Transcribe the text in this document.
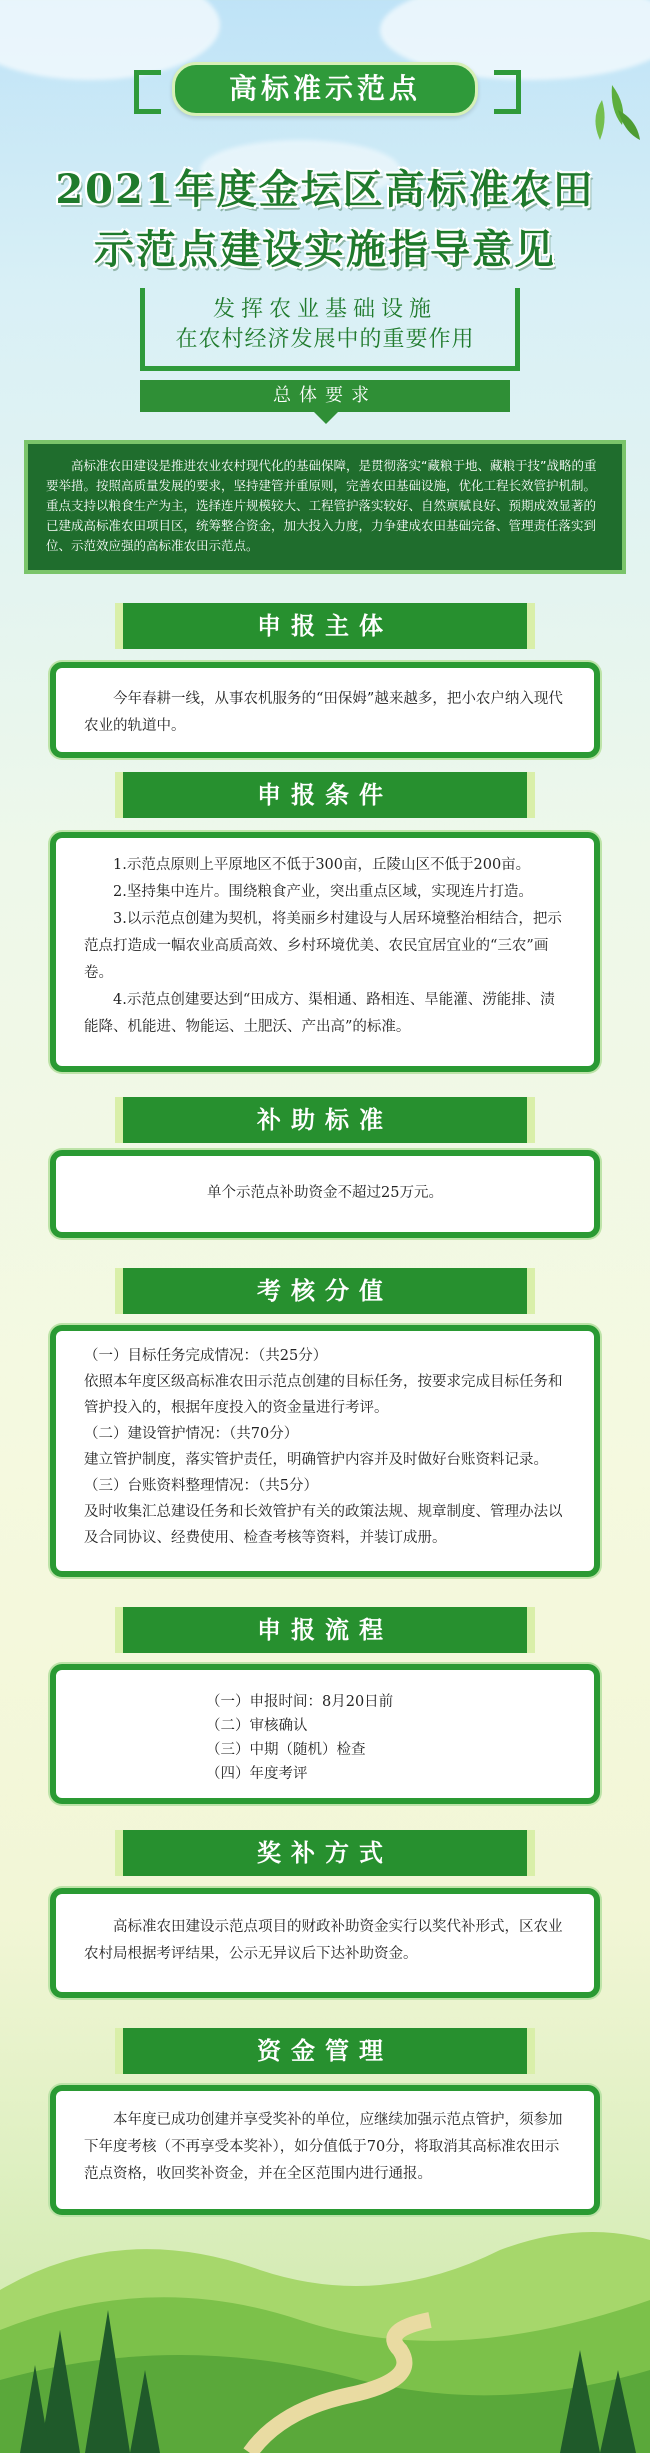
高标准示范点
2021年度金坛区高标准农田
示范点建设实施指导意见
发挥农业基础设施
在农村经济发展中的重要作用
总体要求
高标准农田建设是推进农业农村现代化的基础保障，是贯彻落实“藏粮于地、藏粮于技”战略的重要举措。按照高质量发展的要求，坚持建管并重原则，完善农田基础设施，优化工程长效管护机制。重点支持以粮食生产为主，选择连片规模较大、工程管护落实较好、自然禀赋良好、预期成效显著的已建成高标准农田项目区，统筹整合资金，加大投入力度，力争建成农田基础完备、管理责任落实到位、示范效应强的高标准农田示范点。
申报主体

今年春耕一线，从事农机服务的“田保姆”越来越多，把小农户纳入现代农业的轨道中。

申报条件

1.示范点原则上平原地区不低于300亩，丘陵山区不低于200亩。

2.坚持集中连片。围绕粮食产业，突出重点区域，实现连片打造。

3.以示范点创建为契机，将美丽乡村建设与人居环境整治相结合，把示范点打造成一幅农业高质高效、乡村环境优美、农民宜居宜业的“三农”画卷。

4.示范点创建要达到“田成方、渠相通、路相连、旱能灌、涝能排、渍能降、机能进、物能运、土肥沃、产出高”的标准。

补助标准

单个示范点补助资金不超过25万元。

考核分值

（一）目标任务完成情况：（共25分）

依照本年度区级高标准农田示范点创建的目标任务，按要求完成目标任务和管护投入的，根据年度投入的资金量进行考评。

（二）建设管护情况：（共70分）

建立管护制度，落实管护责任，明确管护内容并及时做好台账资料记录。

（三）台账资料整理情况：（共5分）

及时收集汇总建设任务和长效管护有关的政策法规、规章制度、管理办法以及合同协议、经费使用、检查考核等资料，并装订成册。

申报流程

（一）申报时间：8月20日前

（二）审核确认

（三）中期（随机）检查

（四）年度考评

奖补方式

高标准农田建设示范点项目的财政补助资金实行以奖代补形式，区农业农村局根据考评结果，公示无异议后下达补助资金。

资金管理

本年度已成功创建并享受奖补的单位，应继续加强示范点管护，须参加下年度考核（不再享受本奖补），如分值低于70分，将取消其高标准农田示范点资格，收回奖补资金，并在全区范围内进行通报。
